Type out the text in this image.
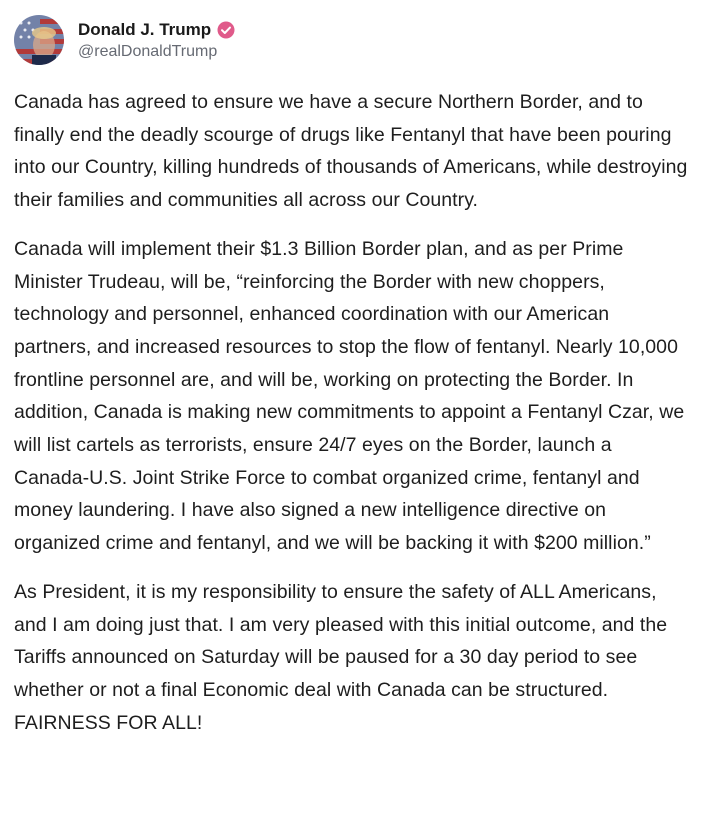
Donald J. Trump
@realDonaldTrump

Canada has agreed to ensure we have a secure Northern Border, and to finally end the deadly scourge of drugs like Fentanyl that have been pouring into our Country, killing hundreds of thousands of Americans, while destroying their families and communities all across our Country.

Canada will implement their $1.3 Billion Border plan, and as per Prime Minister Trudeau, will be, “reinforcing the Border with new choppers, technology and personnel, enhanced coordination with our American partners, and increased resources to stop the flow of fentanyl. Nearly 10,000 frontline personnel are, and will be, working on protecting the Border. In addition, Canada is making new commitments to appoint a Fentanyl Czar, we will list cartels as terrorists, ensure 24/7 eyes on the Border, launch a Canada-U.S. Joint Strike Force to combat organized crime, fentanyl and money laundering. I have also signed a new intelligence directive on organized crime and fentanyl, and we will be backing it with $200 million.”

As President, it is my responsibility to ensure the safety of ALL Americans, and I am doing just that. I am very pleased with this initial outcome, and the Tariffs announced on Saturday will be paused for a 30 day period to see whether or not a final Economic deal with Canada can be structured. FAIRNESS FOR ALL!
